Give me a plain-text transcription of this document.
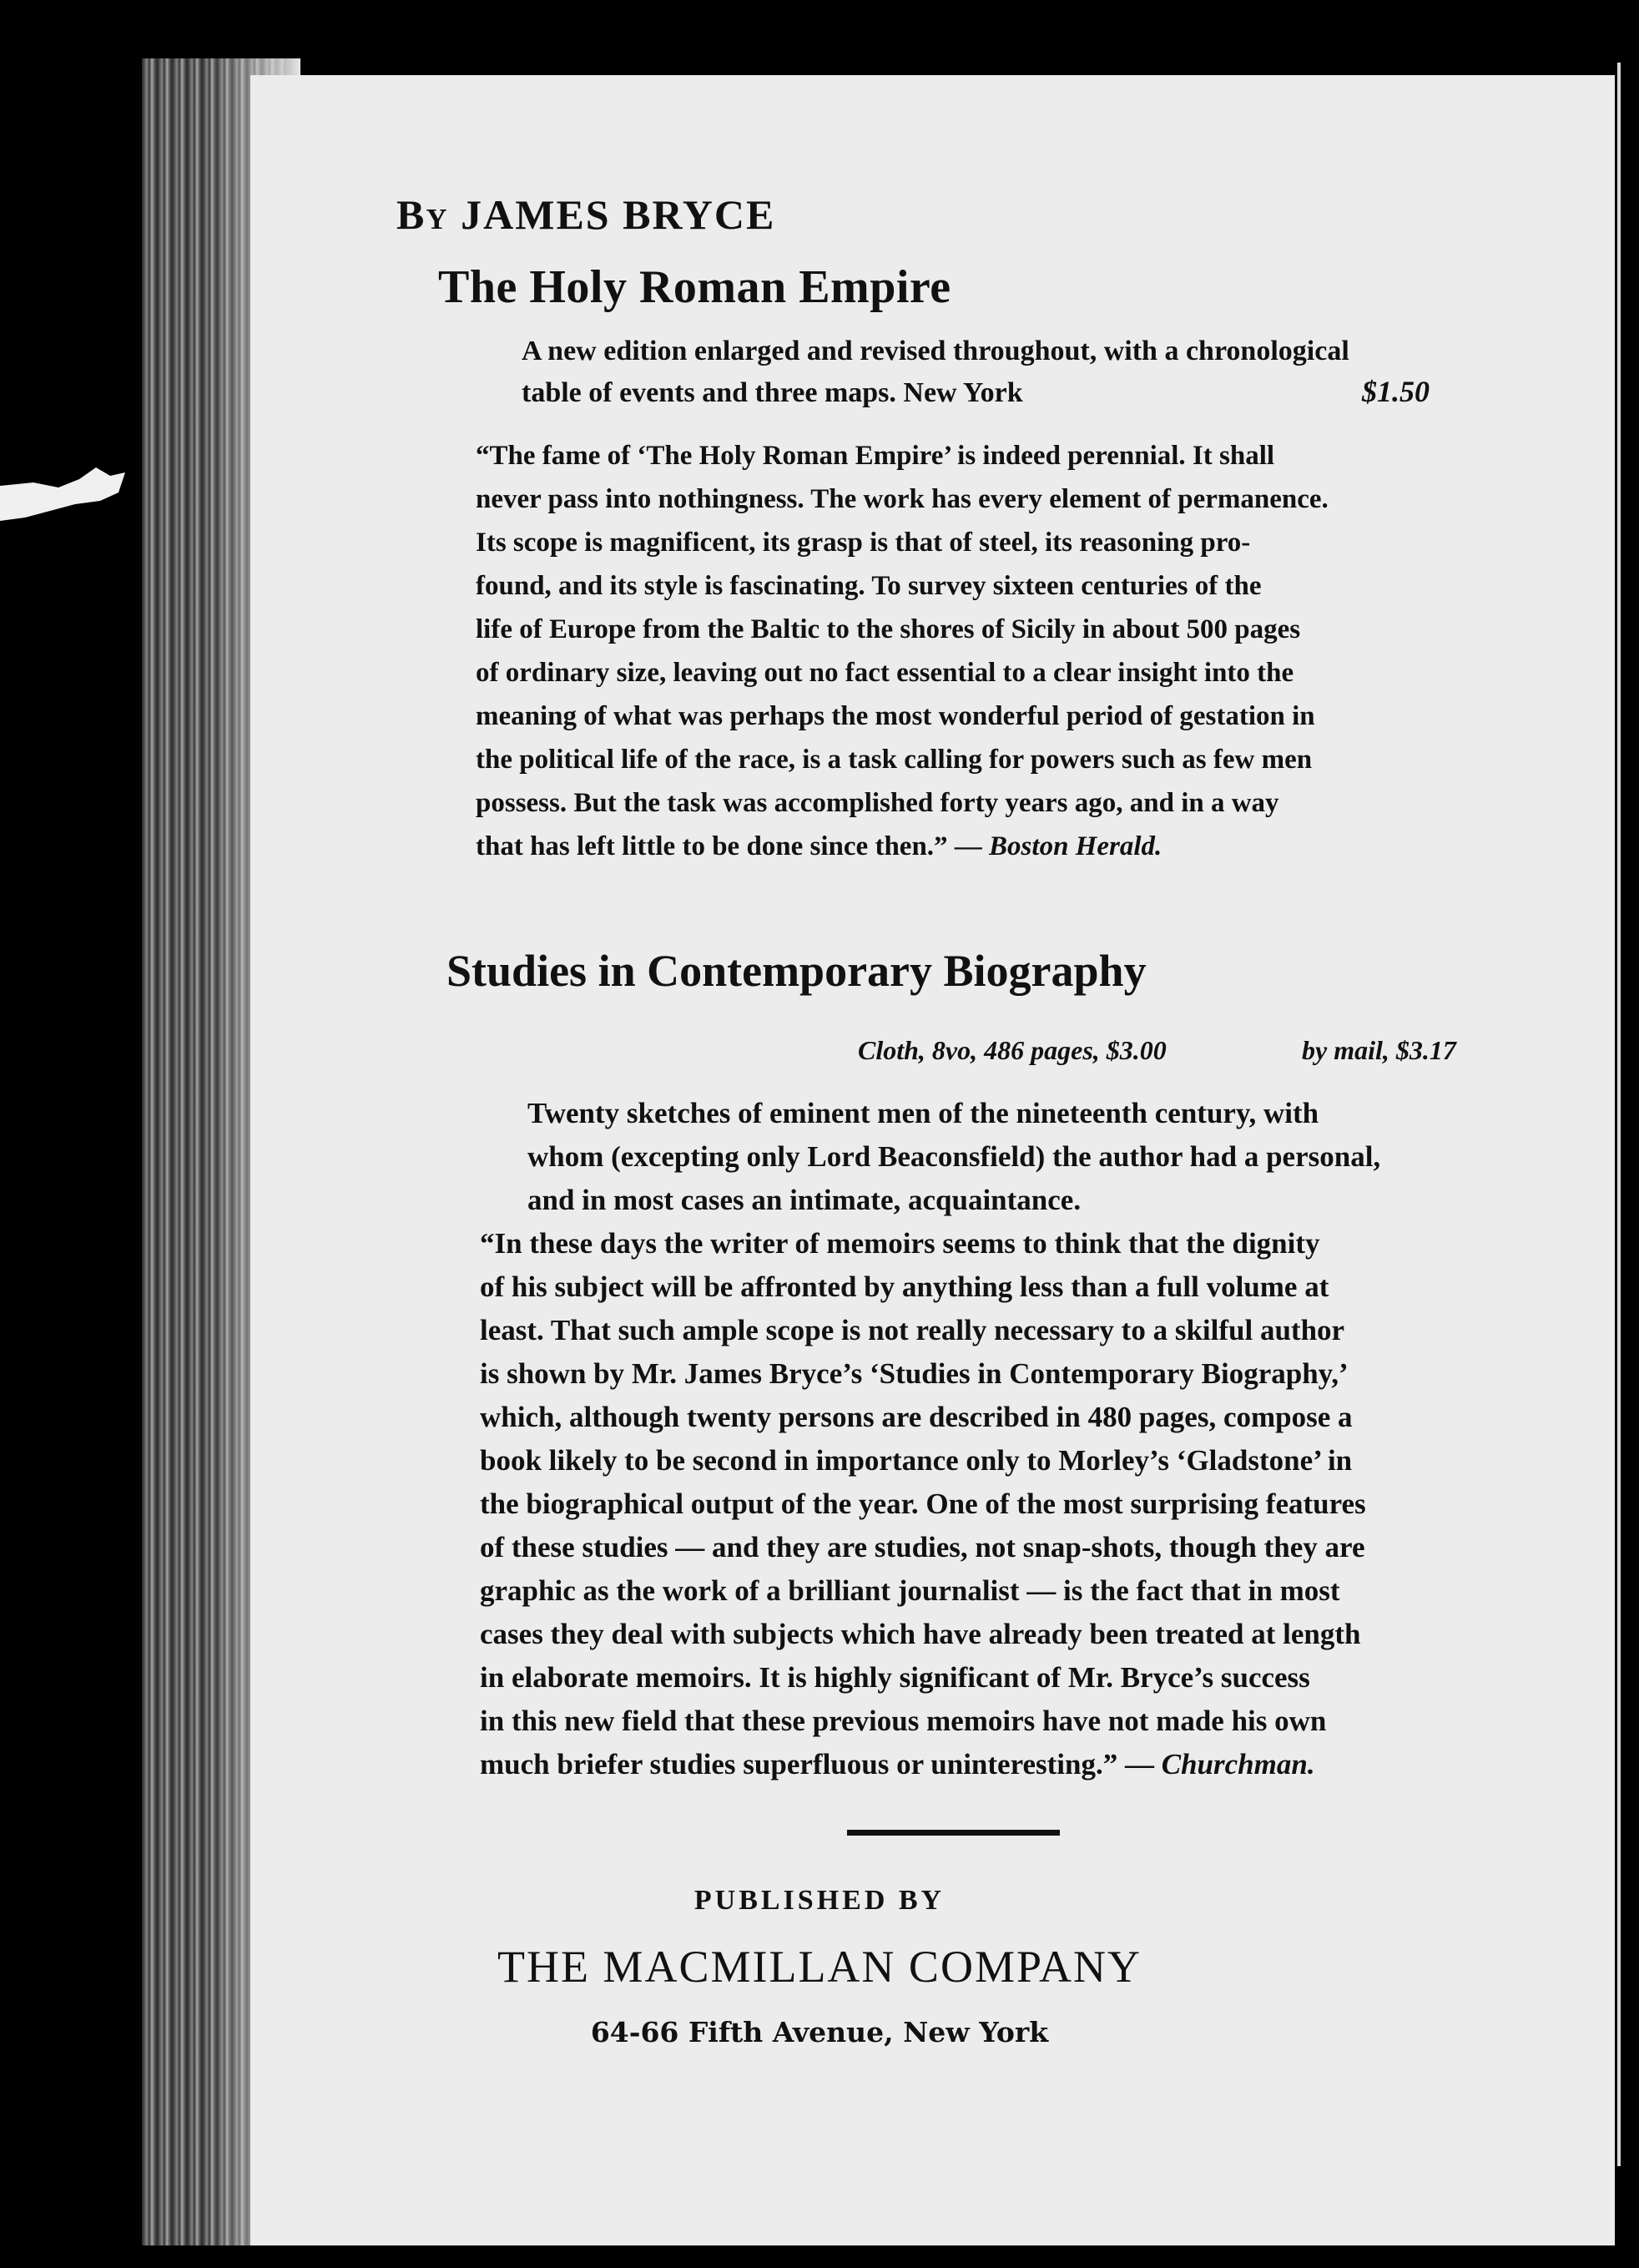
By JAMES BRYCE
The Holy Roman Empire
A new edition enlarged and revised throughout, with a chronological
table of events and three maps. New York	$1.50
“The fame of ‘The Holy Roman Empire’ is indeed perennial. It shall
never pass into nothingness. The work has every element of permanence.
Its scope is magnificent, its grasp is that of steel, its reasoning pro-
found, and its style is fascinating. To survey sixteen centuries of the
life of Europe from the Baltic to the shores of Sicily in about 500 pages
of ordinary size, leaving out no fact essential to a clear insight into the
meaning of what was perhaps the most wonderful period of gestation in
the political life of the race, is a task calling for powers such as few men
possess. But the task was accomplished forty years ago, and in a way
that has left little to be done since then.” — Boston Herald.
Studies in Contemporary Biography
Cloth, 8vo, 486 pages, $3.00	by mail, $3.17
Twenty sketches of eminent men of the nineteenth century, with
whom (excepting only Lord Beaconsfield) the author had a personal,
and in most cases an intimate, acquaintance.
“In these days the writer of memoirs seems to think that the dignity
of his subject will be affronted by anything less than a full volume at
least. That such ample scope is not really necessary to a skilful author
is shown by Mr. James Bryce’s ‘Studies in Contemporary Biography,’
which, although twenty persons are described in 480 pages, compose a
book likely to be second in importance only to Morley’s ‘Gladstone’ in
the biographical output of the year. One of the most surprising features
of these studies — and they are studies, not snap-shots, though they are
graphic as the work of a brilliant journalist — is the fact that in most
cases they deal with subjects which have already been treated at length
in elaborate memoirs. It is highly significant of Mr. Bryce’s success
in this new field that these previous memoirs have not made his own
much briefer studies superfluous or uninteresting.” — Churchman.
PUBLISHED BY
THE MACMILLAN COMPANY
64-66 Fifth Avenue, New York
